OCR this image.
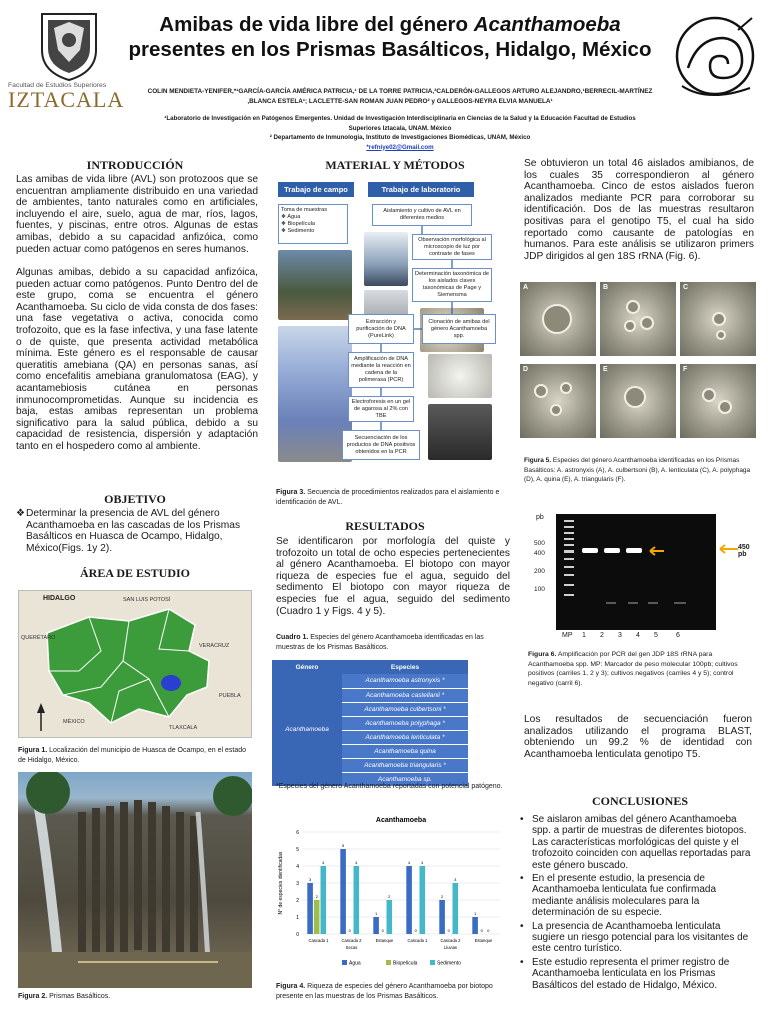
Facultad de Estudios Superiores
IZTACALA
Amibas de vida libre del género Acanthamoeba
presentes en los Prismas Basálticos, Hidalgo, México
COLIN MENDIETA-YENIFER,*¹GARCÍA-GARCÍA AMÉRICA PATRICIA,¹ DE LA TORRE PATRICIA,²CALDERÓN-GALLEGOS ARTURO ALEJANDRO,¹BERRECIL-MARTÍNEZ
,BLANCA ESTELA¹; LACLETTE-SAN ROMAN JUAN PEDRO² y GALLEGOS-NEYRA ELVIA MANUELA¹
¹Laboratorio de Investigación en Patógenos Emergentes. Unidad de Investigación Interdisciplinaria en Ciencias de la Salud y la Educación Facultad de Estudios
Superiores Iztacala, UNAM. México
² Departamento de Inmunología, Instituto de Investigaciones Biomédicas, UNAM, México
*refniye02@Gmail.com
INTRODUCCIÓN
Las amibas de vida libre (AVL) son protozoos que se encuentran ampliamente distribuido en una variedad de ambientes, tanto naturales como en artificiales, incluyendo el aire, suelo, agua de mar, ríos, lagos, fuentes, y piscinas, entre otros. Algunas de estas amibas, debido a su capacidad anfizóica, como pueden actuar como patógenos en seres humanos.
Algunas amibas, debido a su capacidad anfizóica, pueden actuar como patógenos. Punto Dentro del de este grupo, coma se encuentra el género Acanthamoeba. Su ciclo de vida consta de dos fases: una fase vegetativa o activa, conocida como trofozoito, que es la fase infectiva, y una fase latente o de quiste, que presenta actividad metabólica mínima. Este género es el responsable de causar queratitis amebiana (QA) en personas sanas, así como encefalitis amebiana granulomatosa (EAG), y acantamebiosis cutánea en personas inmunocomprometidas. Aunque su incidencia es baja, estas amibas representan un problema significativo para la salud pública, debido a su capacidad de resistencia, dispersión y adaptación tanto en el hospedero como al ambiente.
OBJETIVO
❖ Determinar la presencia de AVL del género Acanthamoeba en las cascadas de los Prismas Basálticos en Huasca de Ocampo, Hidalgo, México(Figs. 1y 2).
ÁREA DE ESTUDIO
HIDALGO	SAN LUIS POTOSÍ
QUERÉTARO
VERACRUZ
PUEBLA
MÉXICO
TLAXCALA
Figura 1. Localización del municipio de Huasca de Ocampo, en el estado de Hidalgo, México.
Figura 2. Prismas Basálticos.
MATERIAL Y MÉTODOS
Trabajo de campo	Trabajo de laboratorio
Toma de muestras
❖ Agua
❖ Biopelícula
❖ Sedimento
Aislamiento y cultivo de AVL en diferentes medios
Observación morfológica al microscopio de luz por contraste de fases
Determinación taxonómica de los aislados claves taxonómicas de Page y Siemensma
Extracción y purificación de DNA (PureLink)
Clonación de amibas del género Acanthamoeba spp.
Amplificación de DNA mediante la reacción en cadena de la polimerasa (PCR)
Electroforesis en un gel de agarosa al 2% con TBE
Secuenciación de los productos de DNA positivos obtenidos en la PCR
Figura 3. Secuencia de procedimientos realizados para el aislamiento e identificación de AVL.
RESULTADOS
Se identificaron por morfología del quiste y trofozoito un total de ocho especies pertenecientes al género Acanthamoeba. El biotopo con mayor riqueza de especies fue el agua, seguido del sedimento El biotopo con mayor riqueza de especies fue el agua, seguido del sedimento (Cuadro 1 y Figs. 4 y 5).
Cuadro 1. Especies del género Acanthamoeba identificadas en las muestras de los Prismas Basálticos.
Género	Especies
Acanthamoeba	Acanthamoeba astronyxis *
	Acanthamoeba castellanii *
	Acanthamoeba culbertsoni *
	Acanthamoeba polyphaga *
	Acanthamoeba lenticulata *
	Acanthamoeba quina
	Acanthamoeba triangularis *
	Acanthamoeba sp.
*Especies del género Acanthamoeba reportadas con potencial patógeno.
Acanthamoeba
0
1
2
3
4
5
6
N° de especies identificadas	3
2
4
Cascada 1
5
0
4
Cascada 2
1
0
2
Estanque
4
0
4
Cascada 1
2
0
3
Cascada 2
1
0 0
Estanque
Secas	Lluvias
Agua	Biopelícula	Sedimento
Figura 4. Riqueza de especies del género Acanthamoeba por biotopo presente en las muestras de los Prismas Basálticos.
Se obtuvieron un total 46 aislados amibianos, de los cuales 35 correspondieron al género Acanthamoeba. Cinco de estos aislados fueron analizados mediante PCR para corroborar su identificación. Dos de las muestras resultaron positivas para el genotipo T5, el cual ha sido reportado como causante de patologías en humanos. Para este análisis se utilizaron primers JDP dirigidos al gen 18S rRNA (Fig. 6).
A	B	C
D	E	F
Figura 5. Especies del género Acanthamoeba identificadas en los Prismas Basálticos: A. astronyxis (A), A. culbertsoni (B), A. lenticulata (C), A. polyphaga (D), A. quina (E), A. triangularis (F).
pb
500
400
200
100
450 pb
MP	1	2	3	4	5	6
Figura 6. Amplificación por PCR del gen JDP 18S rRNA para Acanthamoeba spp. MP: Marcador de peso molecular 100pb; cultivos positivos (carriles 1, 2 y 3); cultivos negativos (carriles 4 y 5); control negativo (carril 6).
Los resultados de secuenciación fueron analizados utilizando el programa BLAST, obteniendo un 99.2 % de identidad con Acanthamoeba lenticulata genotipo T5.
CONCLUSIONES
• Se aislaron amibas del género Acanthamoeba spp. a partir de muestras de diferentes biotopos. Las características morfológicas del quiste y el trofozoito coinciden con aquellas reportadas para este género buscado.
• En el presente estudio, la presencia de Acanthamoeba lenticulata fue confirmada mediante análisis moleculares para la determinación de su especie.
• La presencia de Acanthamoeba lenticulata sugiere un riesgo potencial para los visitantes de este centro turístico.
• Este estudio representa el primer registro de Acanthamoeba lenticulata en los Prismas Basálticos del estado de Hidalgo, México.
